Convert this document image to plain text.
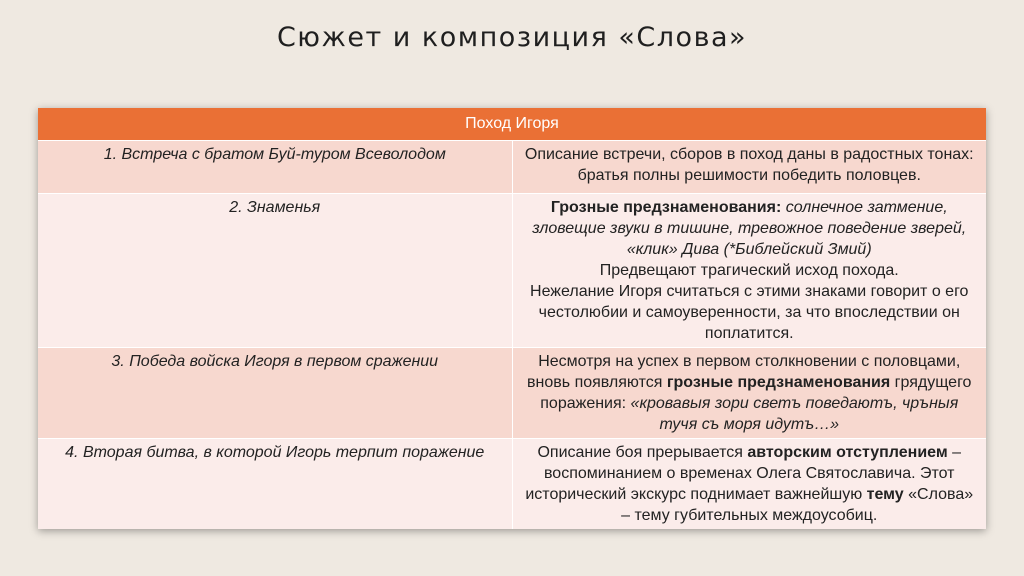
Сюжет и композиция «Слова»
Поход Игоря	
1. Встреча с братом Буй-туром Всеволодом	Описание встречи, сборов в поход даны в радостных тонах: братья полны решимости победить половцев.
2. Знаменья	Грозные предзнаменования: солнечное затмение, зловещие звуки в тишине, тревожное поведение зверей, «клик» Дива (*Библейский Змий)
Предвещают трагический исход похода.
Нежелание Игоря считаться с этими знаками говорит о его честолюбии и самоуверенности, за что впоследствии он поплатится.

3. Победа войска Игоря в первом сражении	Несмотря на успех в первом столкновении с половцами, вновь появляются грозные предзнаменования грядущего поражения: «кровавыя зори светъ поведаютъ, чръныя тучя съ моря идутъ…»
4. Вторая битва, в которой Игорь терпит поражение	Описание боя прерывается авторским отступлением – воспоминанием о временах Олега Святославича. Этот исторический экскурс поднимает важнейшую тему «Слова» – тему губительных междоусобиц.
